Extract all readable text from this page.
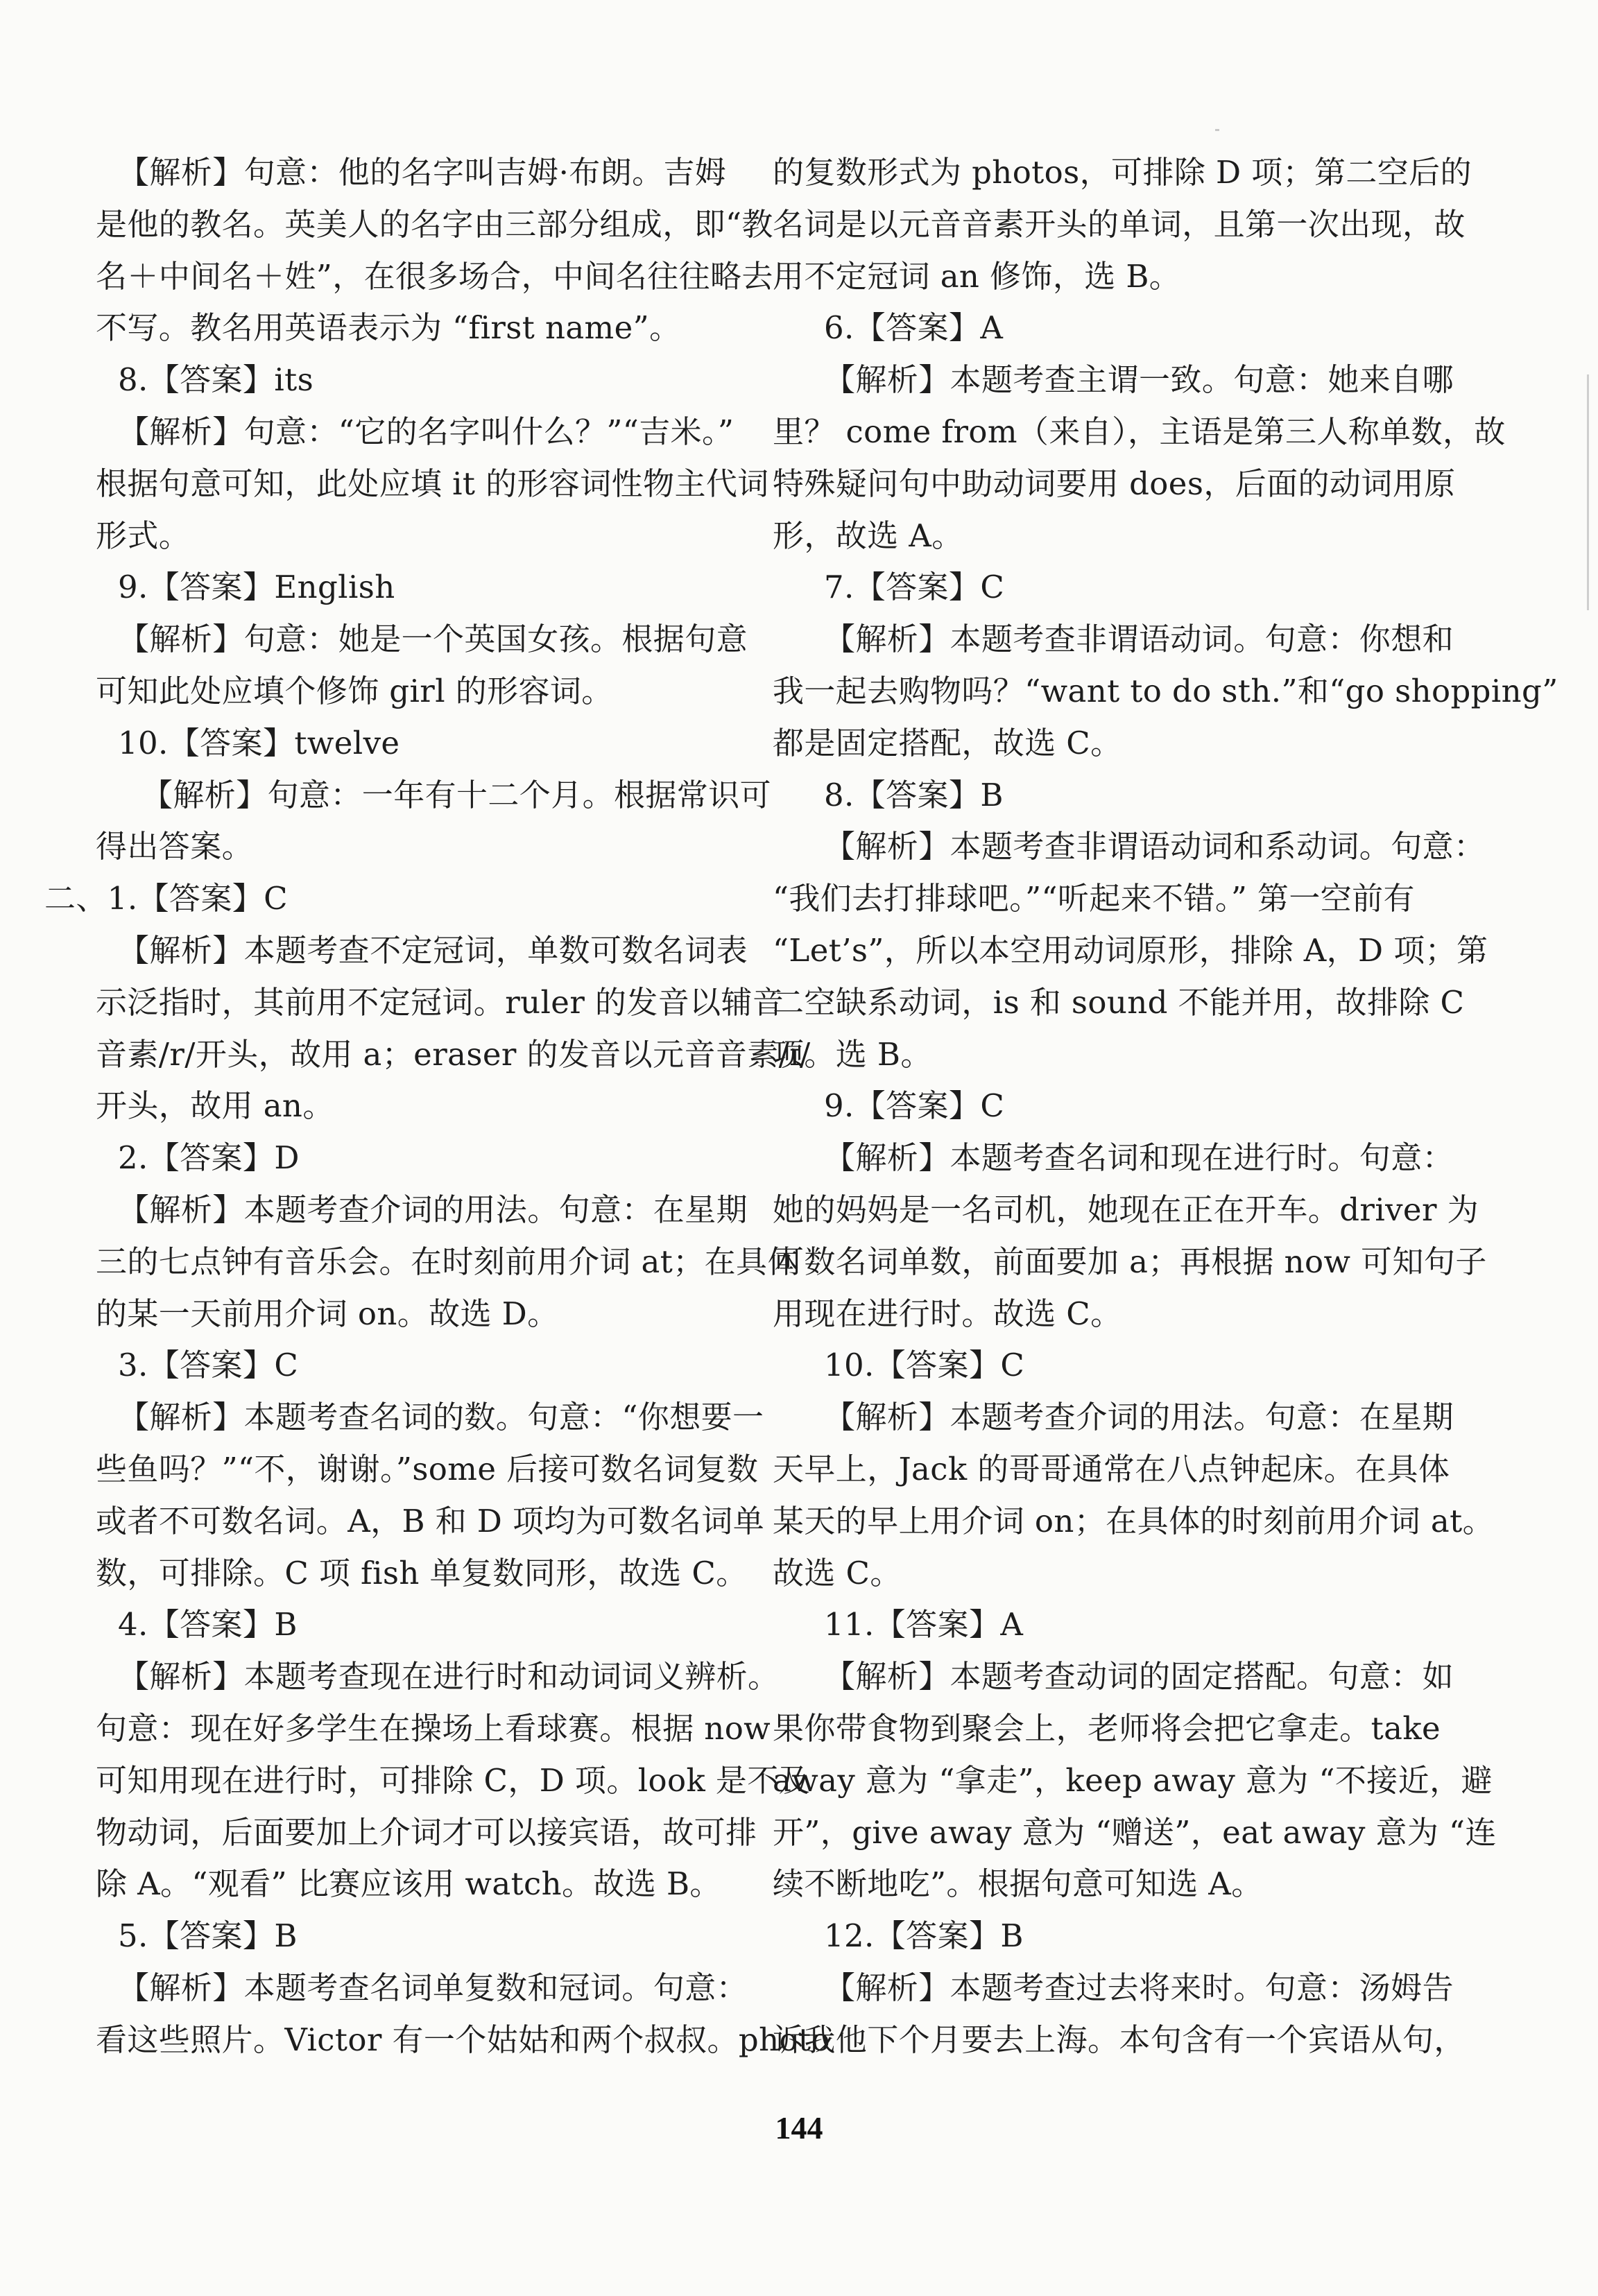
【解析】句意：他的名字叫吉姆·布朗。吉姆
是他的教名。英美人的名字由三部分组成，即“教
名＋中间名＋姓”，在很多场合，中间名往往略去
不写。教名用英语表示为 “first name”。
8.【答案】its
【解析】句意：“它的名字叫什么？”“吉米。”
根据句意可知，此处应填 it 的形容词性物主代词
形式。
9.【答案】English
【解析】句意：她是一个英国女孩。根据句意
可知此处应填个修饰 girl 的形容词。
10.【答案】twelve
【解析】句意：一年有十二个月。根据常识可
得出答案。
二、1.【答案】C
【解析】本题考查不定冠词，单数可数名词表
示泛指时，其前用不定冠词。ruler 的发音以辅音
音素/r/开头，故用 a；eraser 的发音以元音音素/ɪ/
开头，故用 an。
2.【答案】D
【解析】本题考查介词的用法。句意：在星期
三的七点钟有音乐会。在时刻前用介词 at；在具体
的某一天前用介词 on。故选 D。
3.【答案】C
【解析】本题考查名词的数。句意：“你想要一
些鱼吗？”“不，谢谢。”some 后接可数名词复数
或者不可数名词。A，B 和 D 项均为可数名词单
数，可排除。C 项 fish 单复数同形，故选 C。
4.【答案】B
【解析】本题考查现在进行时和动词词义辨析。
句意：现在好多学生在操场上看球赛。根据 now
可知用现在进行时，可排除 C，D 项。look 是不及
物动词，后面要加上介词才可以接宾语，故可排
除 A。“观看” 比赛应该用 watch。故选 B。
5.【答案】B
【解析】本题考查名词单复数和冠词。句意：
看这些照片。Victor 有一个姑姑和两个叔叔。photo
的复数形式为 photos，可排除 D 项；第二空后的
名词是以元音音素开头的单词，且第一次出现，故
用不定冠词 an 修饰，选 B。
6.【答案】A
【解析】本题考查主谓一致。句意：她来自哪
里？ come from（来自），主语是第三人称单数，故
特殊疑问句中助动词要用 does，后面的动词用原
形，故选 A。
7.【答案】C
【解析】本题考查非谓语动词。句意：你想和
我一起去购物吗？“want to do sth.”和“go shopping”
都是固定搭配，故选 C。
8.【答案】B
【解析】本题考查非谓语动词和系动词。句意：
“我们去打排球吧。”“听起来不错。” 第一空前有
“Let’s”，所以本空用动词原形，排除 A，D 项；第
二空缺系动词，is 和 sound 不能并用，故排除 C
项。选 B。
9.【答案】C
【解析】本题考查名词和现在进行时。句意：
她的妈妈是一名司机，她现在正在开车。driver 为
可数名词单数，前面要加 a；再根据 now 可知句子
用现在进行时。故选 C。
10.【答案】C
【解析】本题考查介词的用法。句意：在星期
天早上，Jack 的哥哥通常在八点钟起床。在具体
某天的早上用介词 on；在具体的时刻前用介词 at。
故选 C。
11.【答案】A
【解析】本题考查动词的固定搭配。句意：如
果你带食物到聚会上，老师将会把它拿走。take
away 意为 “拿走”，keep away 意为 “不接近，避
开”，give away 意为 “赠送”，eat away 意为 “连
续不断地吃”。根据句意可知选 A。
12.【答案】B
【解析】本题考查过去将来时。句意：汤姆告
诉我他下个月要去上海。本句含有一个宾语从句，
144
